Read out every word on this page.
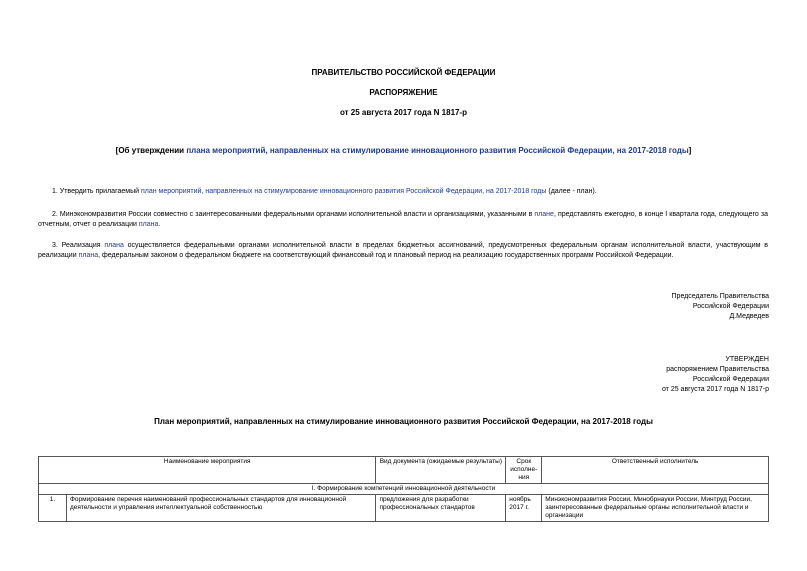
ПРАВИТЕЛЬСТВО РОССИЙСКОЙ ФЕДЕРАЦИИ
РАСПОРЯЖЕНИЕ
от 25 августа 2017 года N 1817-р
[Об утверждении плана мероприятий, направленных на стимулирование инновационного развития Российской Федерации, на 2017-2018 годы]
1. Утвердить прилагаемый план мероприятий, направленных на стимулирование инновационного развития Российской Федерации, на 2017-2018 годы (далее - план).
2. Минэкономразвития России совместно с заинтересованными федеральными органами исполнительной власти и организациями, указанными в плане, представлять ежегодно, в конце I квартала года, следующего за отчетным, отчет о реализации плана.
3. Реализация плана осуществляется федеральными органами исполнительной власти в пределах бюджетных ассигнований, предусмотренных федеральным органам исполнительной власти, участвующим в реализации плана, федеральным законом о федеральном бюджете на соответствующий финансовый год и плановый период на реализацию государственных программ Российской Федерации.
Председатель Правительства
Российской Федерации
Д.Медведев
УТВЕРЖДЕН
распоряжением Правительства
Российской Федерации
от 25 августа 2017 года N 1817-р
План мероприятий, направленных на стимулирование инновационного развития Российской Федерации, на 2017-2018 годы
Наименование мероприятия		Вид документа (ожидаемые результаты)	Срок исполне-ния	Ответственный исполнитель
I. Формирование компетенций инновационной деятельности				
1.	Формирование перечня наименований профессиональных стандартов для инновационной деятельности и управления интеллектуальной собственностью	предложения для разработки профессиональных стандартов	ноябрь 2017 г.	Минэкономразвития России, Минобрнауки России, Минтруд России, заинтересованные федеральные органы исполнительной власти и организации
